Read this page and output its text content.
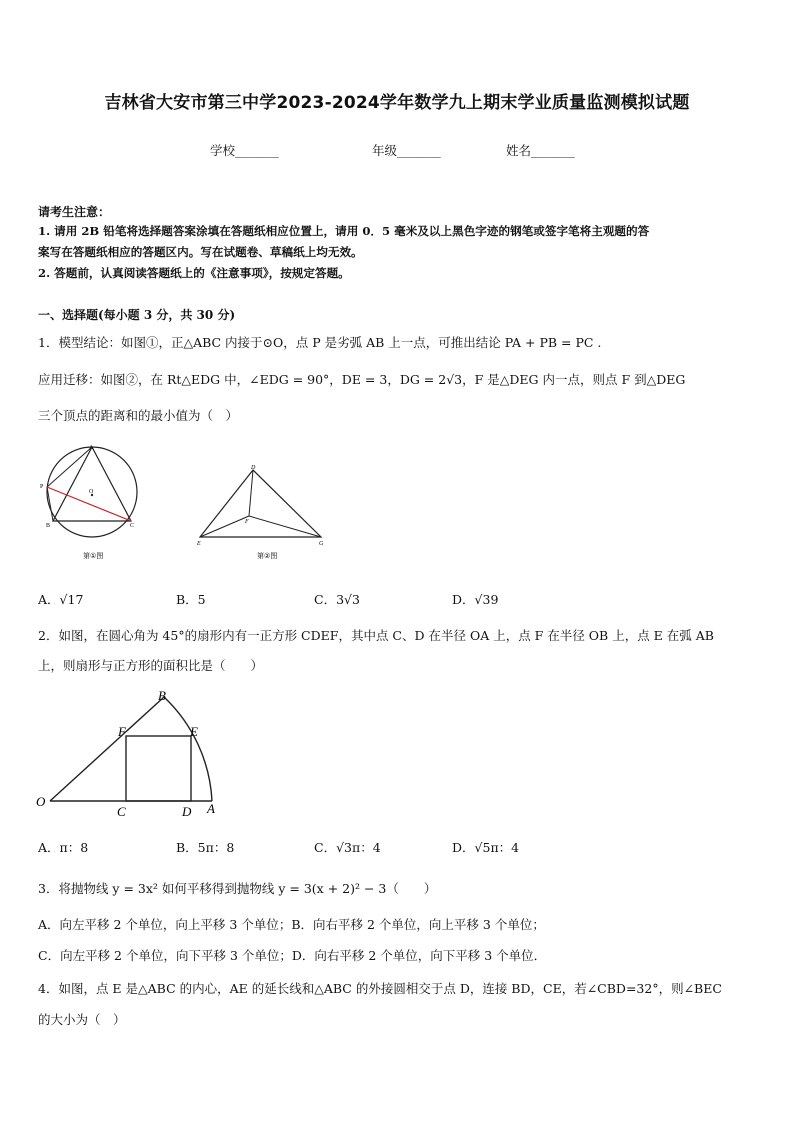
吉林省大安市第三中学2023-2024学年数学九上期末学业质量监测模拟试题
学校_______	年级_______	姓名_______
请考生注意：
1. 请用 2B 铅笔将选择题答案涂填在答题纸相应位置上，请用 0．5 毫米及以上黑色字迹的钢笔或签字笔将主观题的答
案写在答题纸相应的答题区内。写在试题卷、草稿纸上均无效。
2. 答题前，认真阅读答题纸上的《注意事项》，按规定答题。
一、选择题(每小题 3 分，共 30 分)
1．模型结论：如图①，正△ABC 内接于⊙O，点 P 是劣弧 AB 上一点，可推出结论 PA + PB = PC .
应用迁移：如图②，在 Rt△EDG 中，∠EDG = 90°，DE = 3，DG = 2√3，F 是△DEG 内一点，则点 F 到△DEG
三个顶点的距离和的最小值为（　）
A
P
B	C
O
第①图
D
E	G
F
第②图
A．√17	B．5	C．3√3	D．√39
2．如图，在圆心角为 45°的扇形内有一正方形 CDEF，其中点 C、D 在半径 OA 上，点 F 在半径 OB 上，点 E 在弧 AB
上，则扇形与正方形的面积比是（　　）
O
B
F	E
C	D A
A．π：8	B．5π：8	C．√3π：4	D．√5π：4
3．将抛物线 y = 3x² 如何平移得到抛物线 y = 3(x + 2)² − 3（　　）
A．向左平移 2 个单位，向上平移 3 个单位；B．向右平移 2 个单位，向上平移 3 个单位；
C．向左平移 2 个单位，向下平移 3 个单位；D．向右平移 2 个单位，向下平移 3 个单位．
4．如图，点 E 是△ABC 的内心，AE 的延长线和△ABC 的外接圆相交于点 D，连接 BD，CE，若∠CBD=32°，则∠BEC
的大小为（　）
